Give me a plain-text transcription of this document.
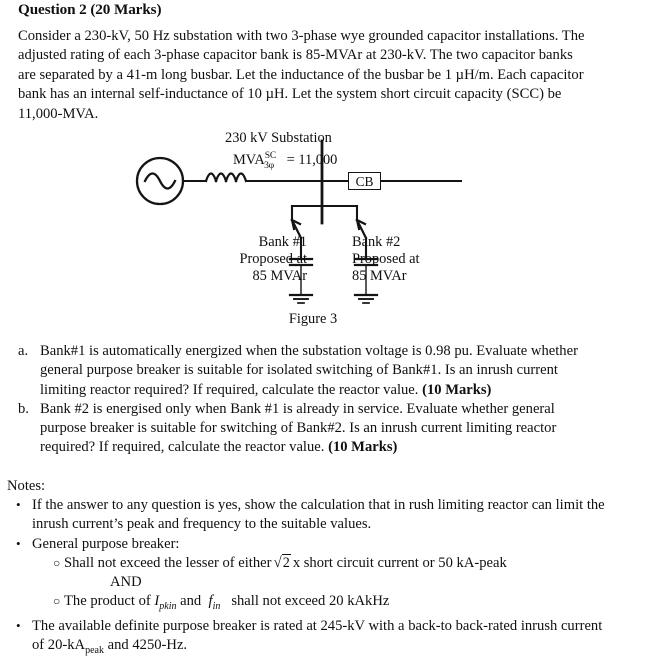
Question 2 (20 Marks)
Consider a 230-kV, 50 Hz substation with two 3-phase wye grounded capacitor installations. The adjusted rating of each 3-phase capacitor bank is 85-MVAr at 230-kV. The two capacitor banks are separated by a 41-m long busbar. Let the inductance of the busbar be 1 µH/m. Each capacitor bank has an internal self-inductance of 10 µH. Let the system short circuit capacity (SCC) be 11,000-MVA.
230 kV Substation
$MVA^{SC}_{3\varphi} = 11,000$
CB
Bank #1
Proposed at
85 MVAr
Bank #2
Proposed at
85 MVAr
Figure 3
a. Bank#1 is automatically energized when the substation voltage is 0.98 pu. Evaluate whether general purpose breaker is suitable for isolated switching of Bank#1. Is an inrush current limiting reactor required? If required, calculate the reactor value. (10 Marks)
b. Bank #2 is energised only when Bank #1 is already in service. Evaluate whether general purpose breaker is suitable for switching of Bank#2. Is an inrush current limiting reactor required? If required, calculate the reactor value. (10 Marks)
Notes:
• If the answer to any question is yes, show the calculation that in rush limiting reactor can limit the inrush current’s peak and frequency to the suitable values.
• General purpose breaker:
○ Shall not exceed the lesser of either √2 x short circuit current or 50 kA-peak
AND
○ The product of $I_{pkin}$ and $f_{in}$ shall not exceed 20 kAkHz
• The available definite purpose breaker is rated at 245-kV with a back-to back-rated inrush current of $20-kA_{peak}$ and 4250-Hz.
